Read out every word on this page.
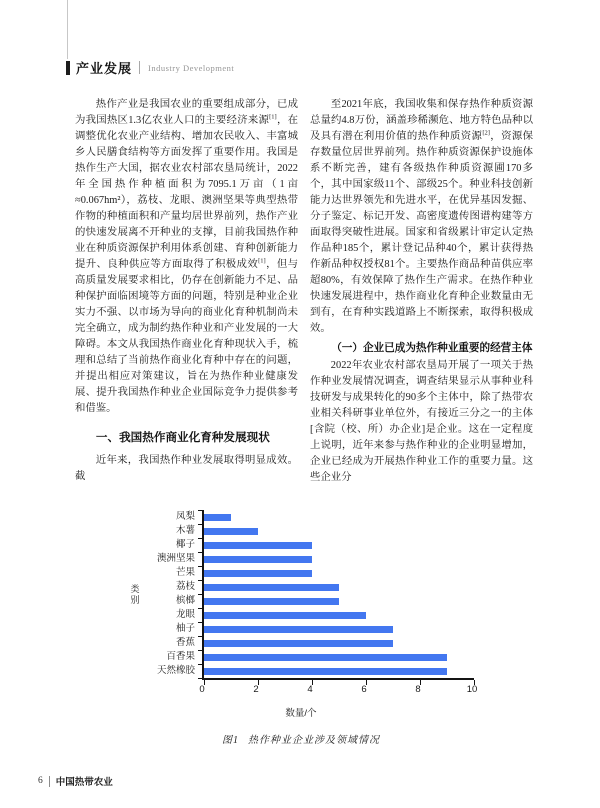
产业发展 Industry Development

热作产业是我国农业的重要组成部分，已成为我国热区1.3亿农业人口的主要经济来源[1]，在调整优化农业产业结构、增加农民收入、丰富城乡人民膳食结构等方面发挥了重要作用。我国是热作生产大国，据农业农村部农垦局统计，2022年全国热作种植面积为7095.1万亩（1亩≈0.067hm²），荔枝、龙眼、澳洲坚果等典型热带作物的种植面积和产量均居世界前列，热作产业的快速发展离不开种业的支撑，目前我国热作种业在种质资源保护利用体系创建、育种创新能力提升、良种供应等方面取得了积极成效[1]，但与高质量发展要求相比，仍存在创新能力不足、品种保护面临困境等方面的问题，特别是种业企业实力不强、以市场为导向的商业化育种机制尚未完全确立，成为制约热作种业和产业发展的一大障碍。本文从我国热作商业化育种现状入手，梳理和总结了当前热作商业化育种中存在的问题，并提出相应对策建议，旨在为热作种业健康发展、提升我国热作种业企业国际竞争力提供参考和借鉴。

一、我国热作商业化育种发展现状

近年来，我国热作种业发展取得明显成效。截

至2021年底，我国收集和保存热作种质资源总量约4.8万份，涵盖珍稀濒危、地方特色品种以及具有潜在利用价值的热作种质资源[2]，资源保存数量位居世界前列。热作种质资源保护设施体系不断完善，建有各级热作种质资源圃170多个，其中国家级11个、部级25个。种业科技创新能力达世界领先和先进水平，在优异基因发掘、分子鉴定、标记开发、高密度遗传图谱构建等方面取得突破性进展。国家和省级累计审定认定热作品种185个，累计登记品种40个，累计获得热作新品种权授权81个。主要热作商品种苗供应率超80%，有效保障了热作生产需求。在热作种业快速发展进程中，热作商业化育种企业数量由无到有，在育种实践道路上不断探索，取得积极成效。

（一）企业已成为热作种业重要的经营主体

2022年农业农村部农垦局开展了一项关于热作种业发展情况调查，调查结果显示从事种业科技研发与成果转化的90多个主体中，除了热带农业相关科研事业单位外，有接近三分之一的主体[含院（校、所）办企业]是企业。这在一定程度上说明，近年来参与热作种业的企业明显增加，企业已经成为开展热作种业工作的重要力量。这些企业分

类别
凤梨
木薯
椰子
澳洲坚果
芒果
荔枝
槟榔
龙眼
柚子
香蕉
百香果
天然橡胶
0	2	4	6	8	10
数量/个
图1 热作种业企业涉及领域情况
6 中国热带农业
